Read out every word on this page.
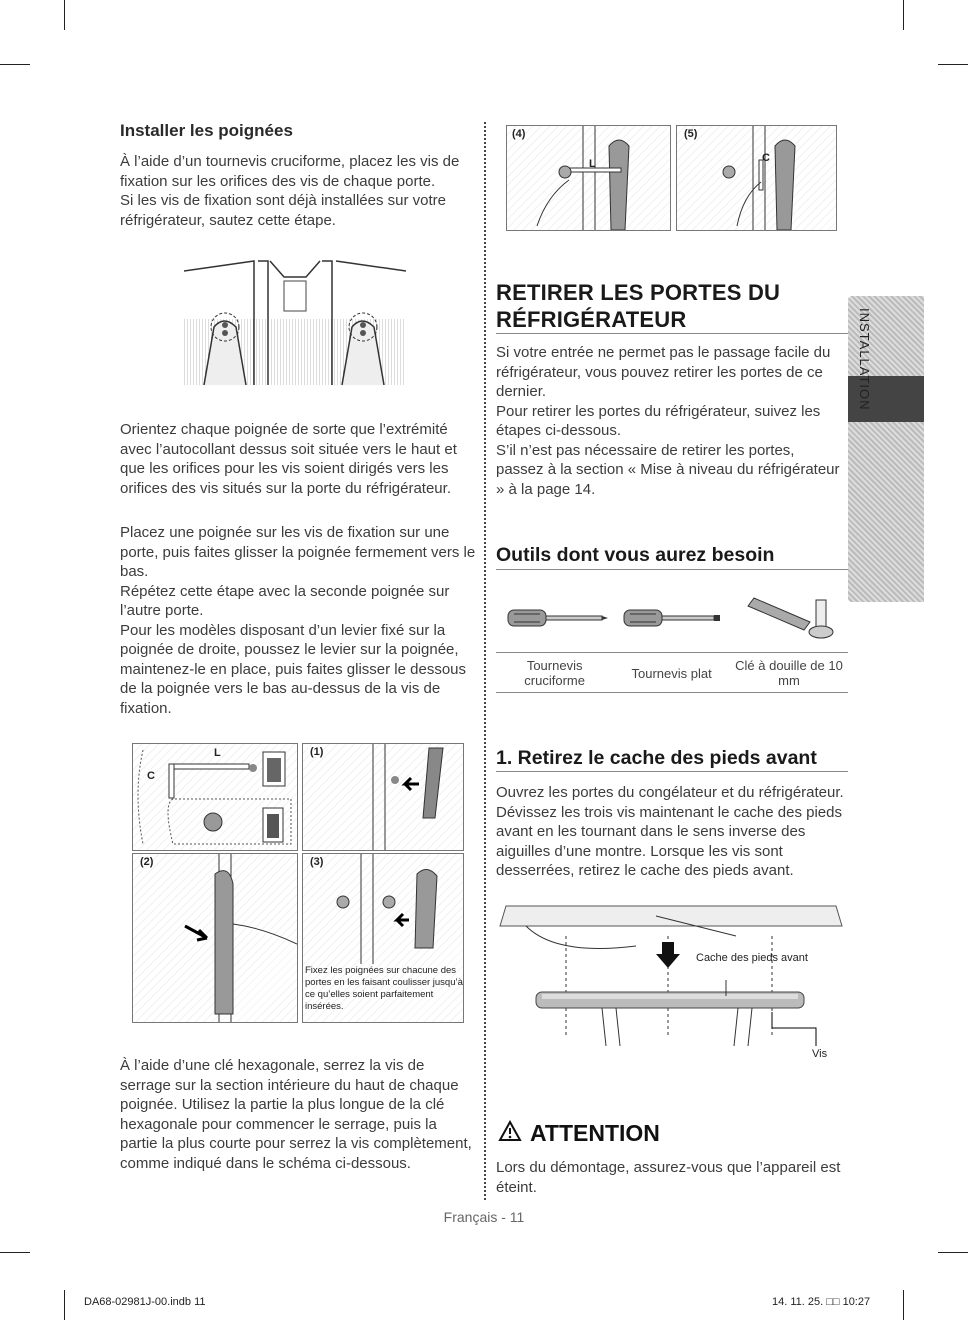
Installer les poignées

À l’aide d’un tournevis cruciforme, placez les vis de fixation sur les orifices des vis de chaque porte.

Si les vis de fixation sont déjà installées sur votre réfrigérateur, sautez cette étape.

Orientez chaque poignée de sorte que l’extrémité avec l’autocollant dessus soit située vers le haut et que les orifices pour les vis soient dirigés vers les orifices des vis situés sur la porte du réfrigérateur.

Placez une poignée sur les vis de fixation sur une porte, puis faites glisser la poignée fermement vers le bas.

Répétez cette étape avec la seconde poignée sur l’autre porte.

Pour les modèles disposant d’un levier fixé sur la poignée de droite, poussez le levier sur la poignée, maintenez-le en place, puis faites glisser le dessous de la poignée vers le bas au-dessus de la vis de fixation.

L
C
(1)
(2)	(3)
Fixez les poignées sur chacune des portes en les faisant coulisser jusqu’à ce qu’elles soient parfaitement insérées.

À l’aide d’une clé hexagonale, serrez la vis de serrage sur la section intérieure du haut de chaque poignée. Utilisez la partie la plus longue de la clé hexagonale pour commencer le serrage, puis la partie la plus courte pour serrez la vis complètement, comme indiqué dans le schéma ci-dessous.

(4)
L
(5)
C
RETIRER LES PORTES DU
RÉFRIGÉRATEUR

Si votre entrée ne permet pas le passage facile du réfrigérateur, vous pouvez retirer les portes de ce dernier.

Pour retirer les portes du réfrigérateur, suivez les étapes ci-dessous.

S’il n’est pas nécessaire de retirer les portes, passez à la section « Mise à niveau du réfrigérateur » à la page 14.

Outils dont vous aurez besoin
Tournevis cruciforme	Tournevis plat	Clé à douille de 10 mm
1. Retirez le cache des pieds avant

Ouvrez les portes du congélateur et du réfrigérateur. Dévissez les trois vis maintenant le cache des pieds avant en les tournant dans le sens inverse des aiguilles d’une montre. Lorsque les vis sont desserrées, retirez le cache des pieds avant.

Cache des pieds avant
Vis
ATTENTION

Lors du démontage, assurez-vous que l’appareil est éteint.

INSTALLATION
Français - 11
DA68-02981J-00.indb 11	14. 11. 25. □□ 10:27
